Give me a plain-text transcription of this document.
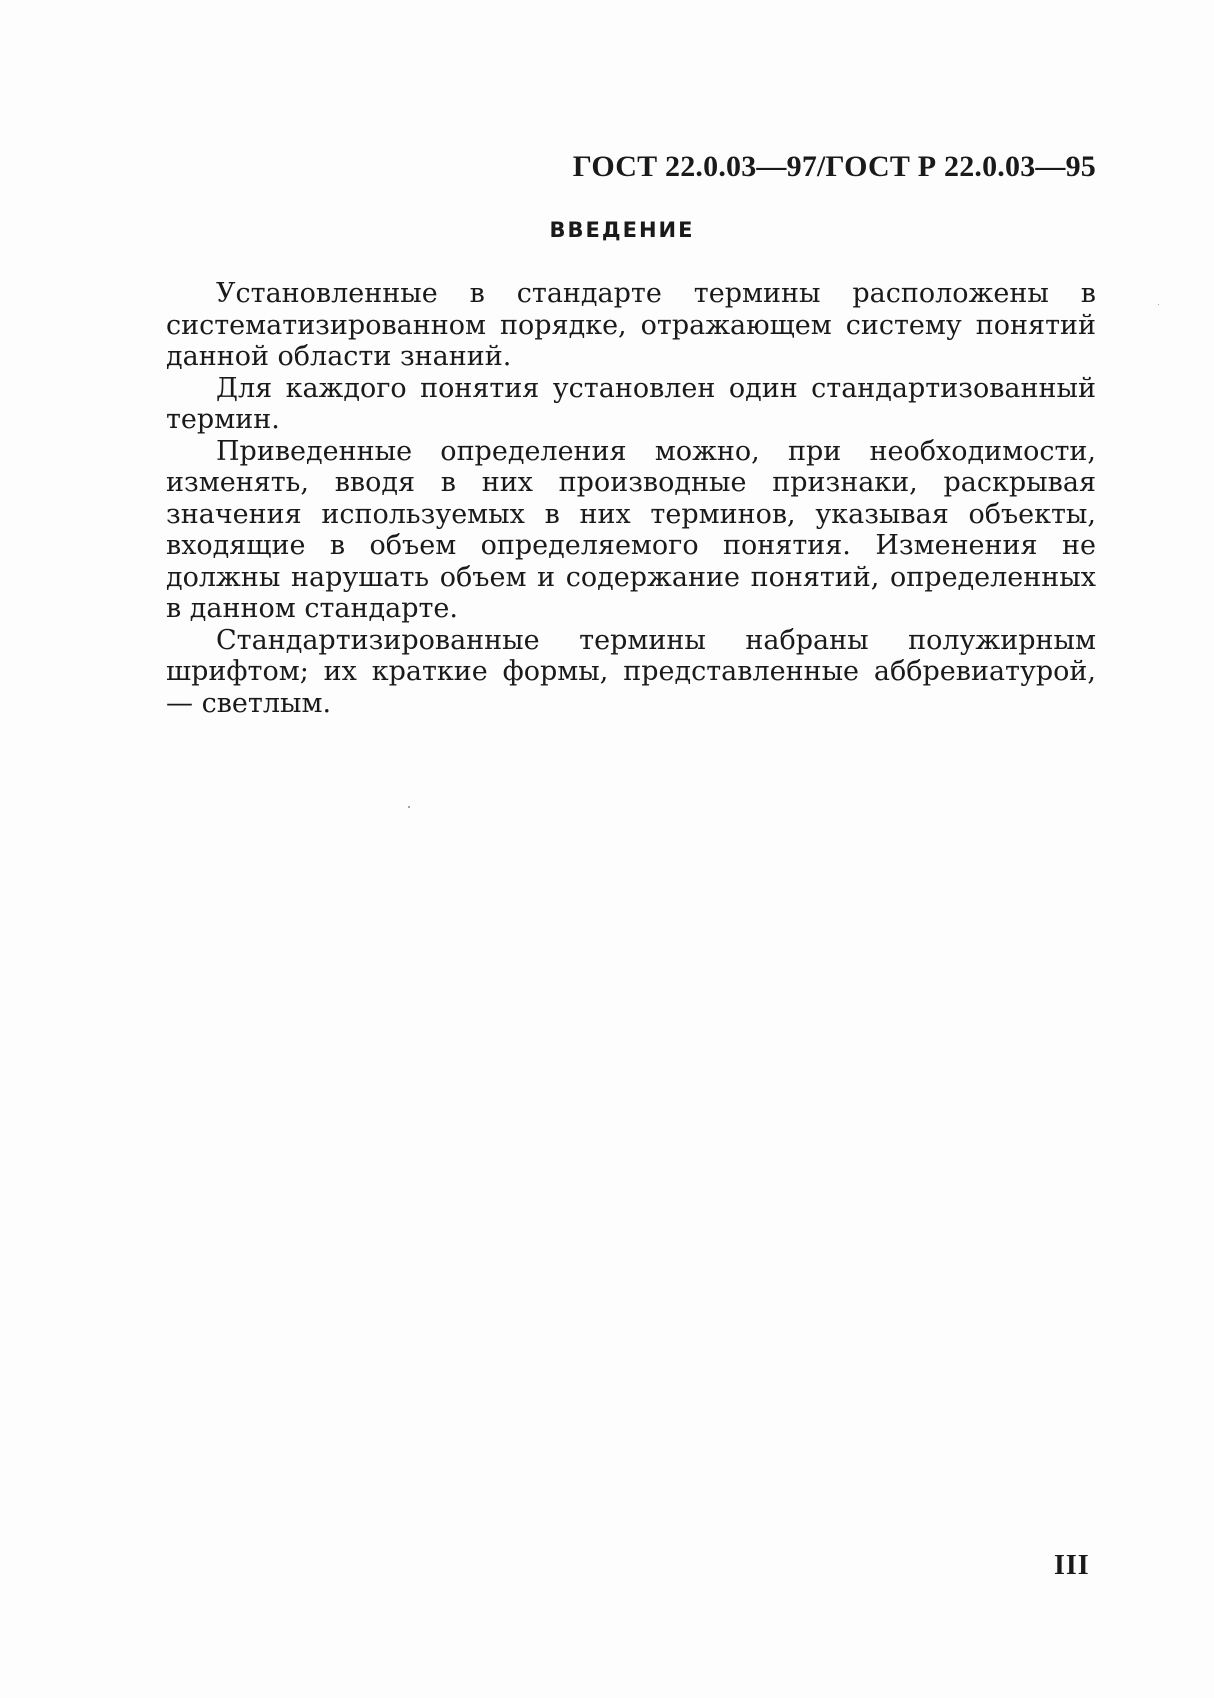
ГОСТ 22.0.03—97/ГОСТ Р 22.0.03—95
ВВЕДЕНИЕ

Установленные в стандарте термины расположены в систематизированном порядке, отражающем систему понятий данной области знаний.

Для каждого понятия установлен один стандартизованный термин.

Приведенные определения можно, при необходимости, изменять, вводя в них производные признаки, раскрывая значения используемых в них терминов, указывая объекты, входящие в объем определяемого понятия. Изменения не должны нарушать объем и содержание понятий, определенных в данном стандарте.

Стандартизированные термины набраны полужирным шрифтом; их краткие формы, представленные аббревиатурой, — светлым.

III
